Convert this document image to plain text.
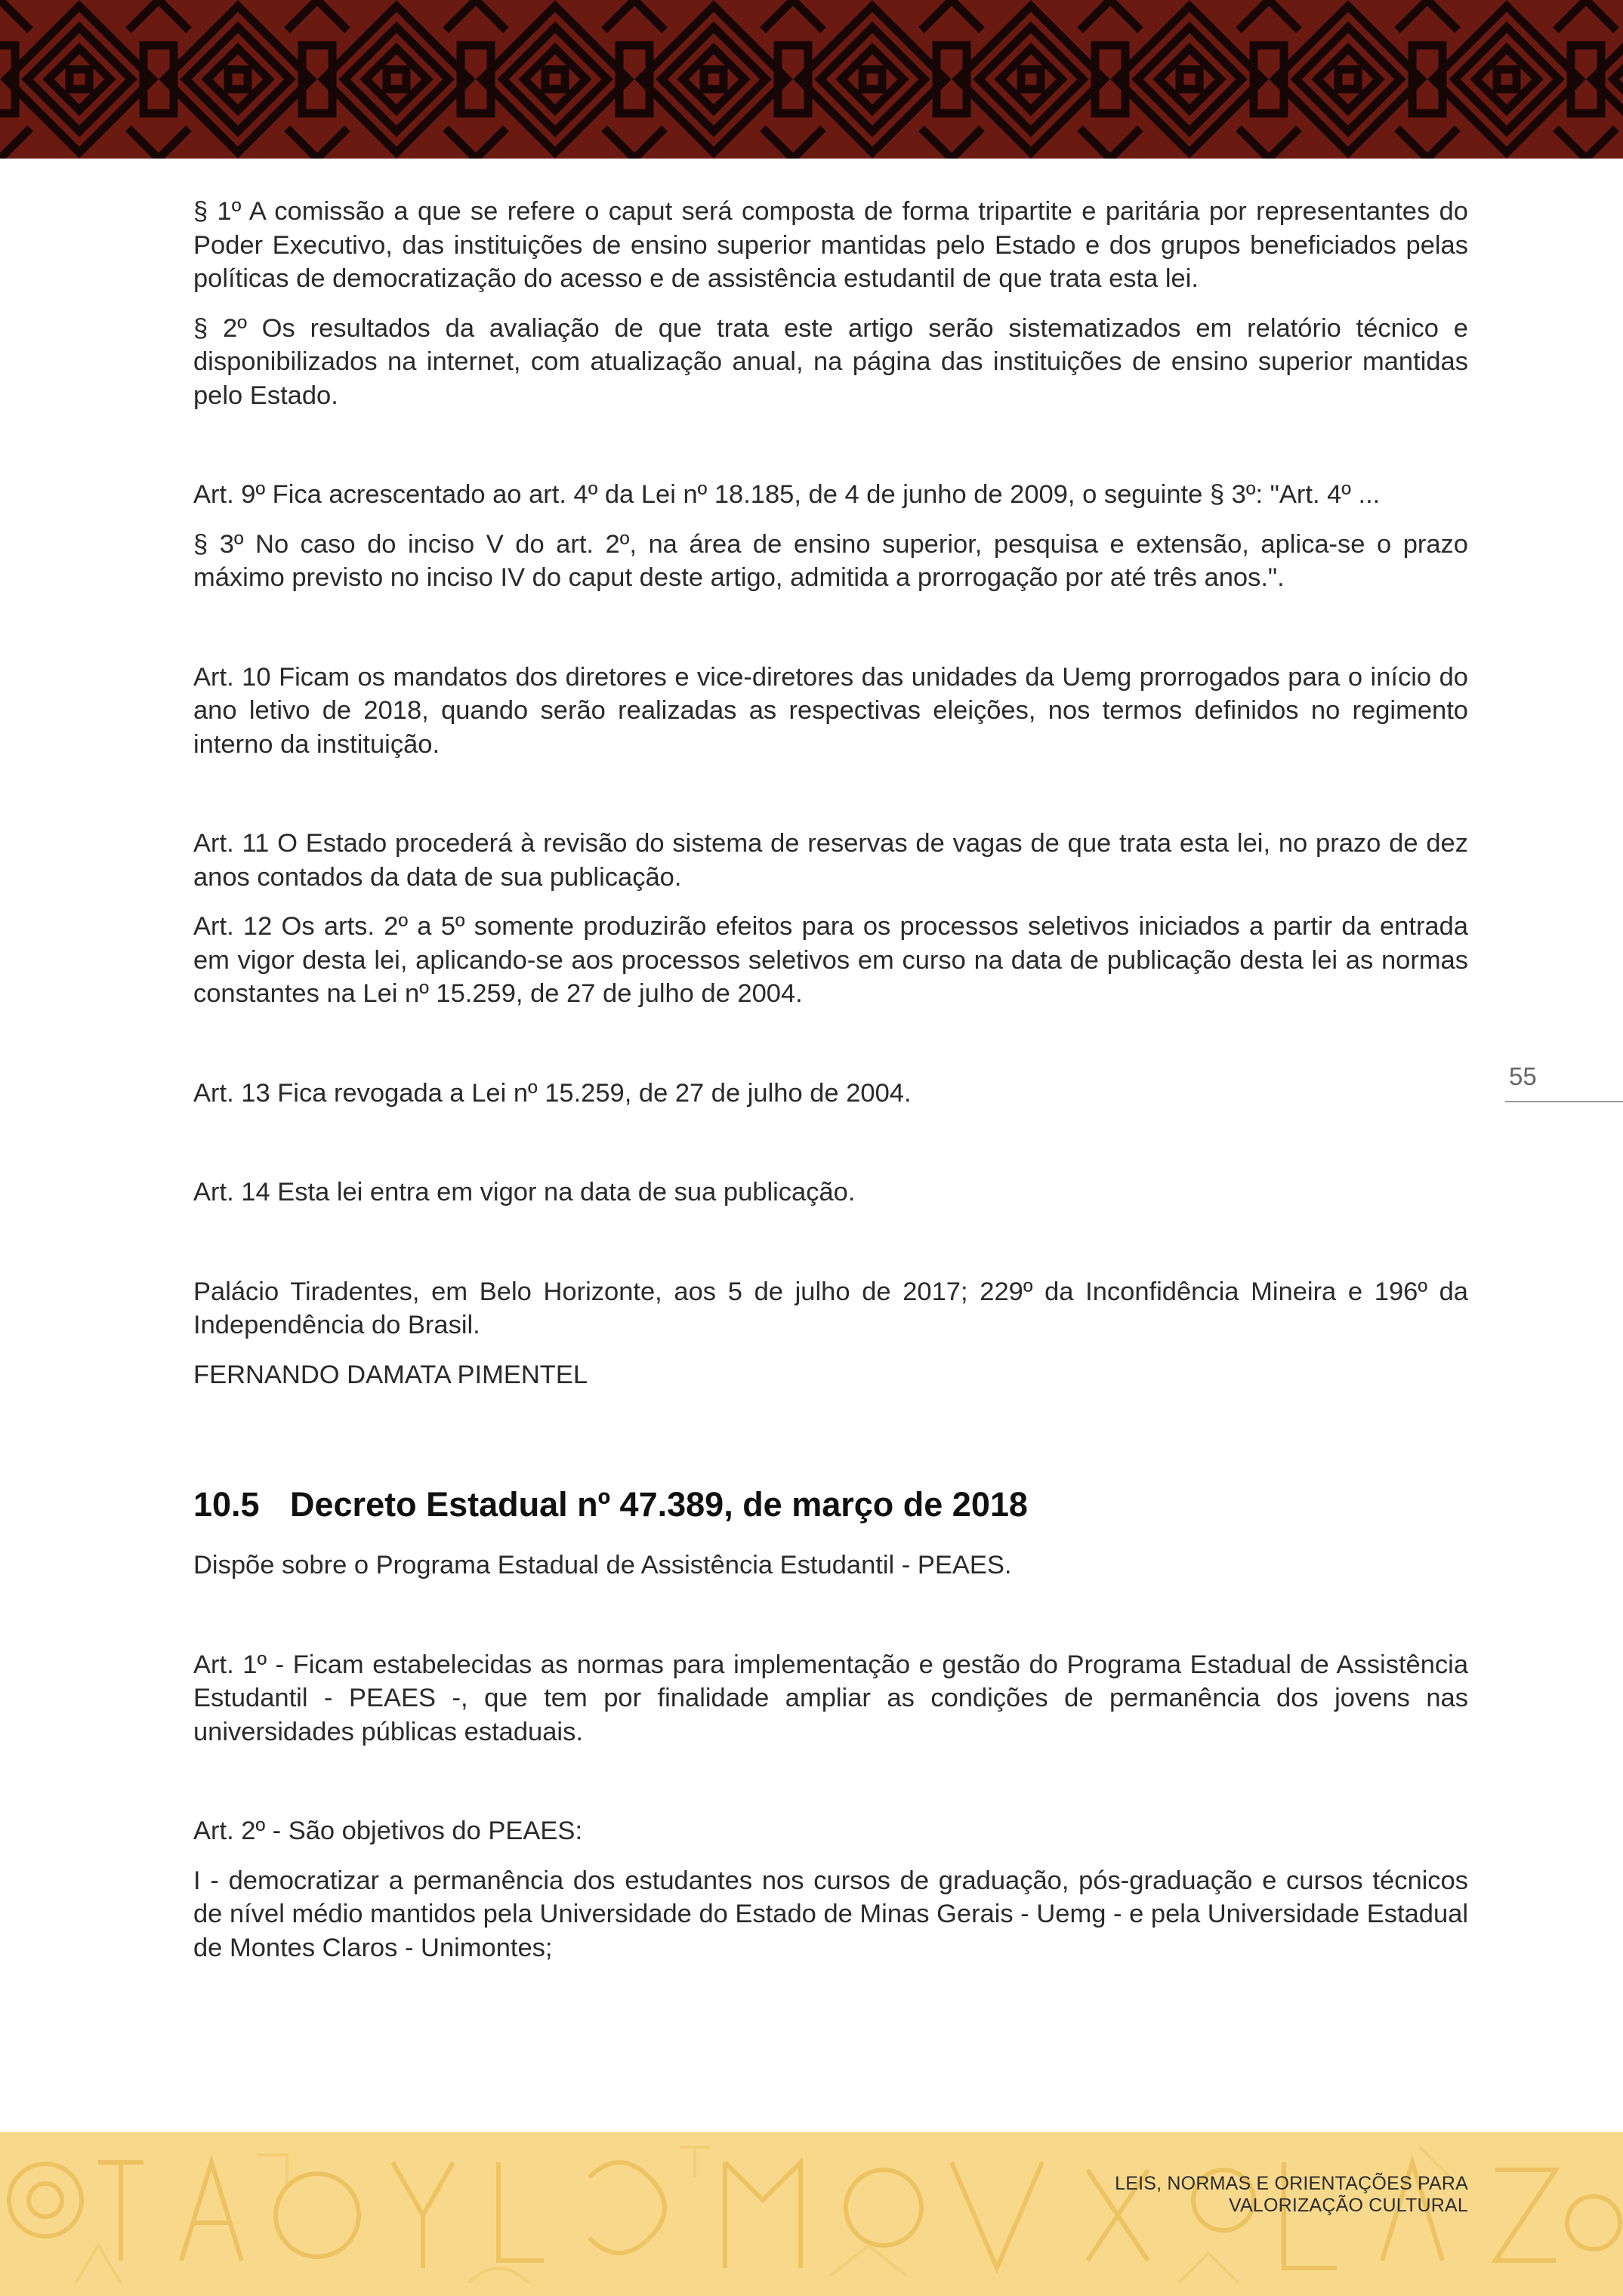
§ 1º A comissão a que se refere o caput será composta de forma tripartite e paritária por representantes do Poder Executivo, das instituições de ensino superior mantidas pelo Estado e dos grupos beneficiados pelas políticas de democratização do acesso e de assistência estudantil de que trata esta lei.

§ 2º Os resultados da avaliação de que trata este artigo serão sistematizados em relatório técnico e disponibilizados na internet, com atualização anual, na página das instituições de ensino superior mantidas pelo Estado.

Art. 9º Fica acrescentado ao art. 4º da Lei nº 18.185, de 4 de junho de 2009, o seguinte § 3º: "Art. 4º ...

§ 3º No caso do inciso V do art. 2º, na área de ensino superior, pesquisa e extensão, aplica-se o prazo máximo previsto no inciso IV do caput deste artigo, admitida a prorrogação por até três anos.".

Art. 10 Ficam os mandatos dos diretores e vice-diretores das unidades da Uemg prorrogados para o início do ano letivo de 2018, quando serão realizadas as respectivas eleições, nos termos definidos no regimento interno da instituição.

Art. 11 O Estado procederá à revisão do sistema de reservas de vagas de que trata esta lei, no prazo de dez anos contados da data de sua publicação.

Art. 12 Os arts. 2º a 5º somente produzirão efeitos para os processos seletivos iniciados a partir da entrada em vigor desta lei, aplicando-se aos processos seletivos em curso na data de publicação desta lei as normas constantes na Lei nº 15.259, de 27 de julho de 2004.

Art. 13 Fica revogada a Lei nº 15.259, de 27 de julho de 2004.

Art. 14 Esta lei entra em vigor na data de sua publicação.

Palácio Tiradentes, em Belo Horizonte, aos 5 de julho de 2017; 229º da Inconfidência Mineira e 196º da Independência do Brasil.

FERNANDO DAMATA PIMENTEL

10.5 Decreto Estadual nº 47.389, de março de 2018

Dispõe sobre o Programa Estadual de Assistência Estudantil - PEAES.

Art. 1º - Ficam estabelecidas as normas para implementação e gestão do Programa Estadual de Assistência Estudantil - PEAES -, que tem por finalidade ampliar as condições de permanência dos jovens nas universidades públicas estaduais.

Art. 2º - São objetivos do PEAES:

I - democratizar a permanência dos estudantes nos cursos de graduação, pós-graduação e cursos técnicos de nível médio mantidos pela Universidade do Estado de Minas Gerais - Uemg - e pela Universidade Estadual de Montes Claros - Unimontes;

55
LEIS, NORMAS E ORIENTAÇÕES PARA VALORIZAÇÃO CULTURAL
